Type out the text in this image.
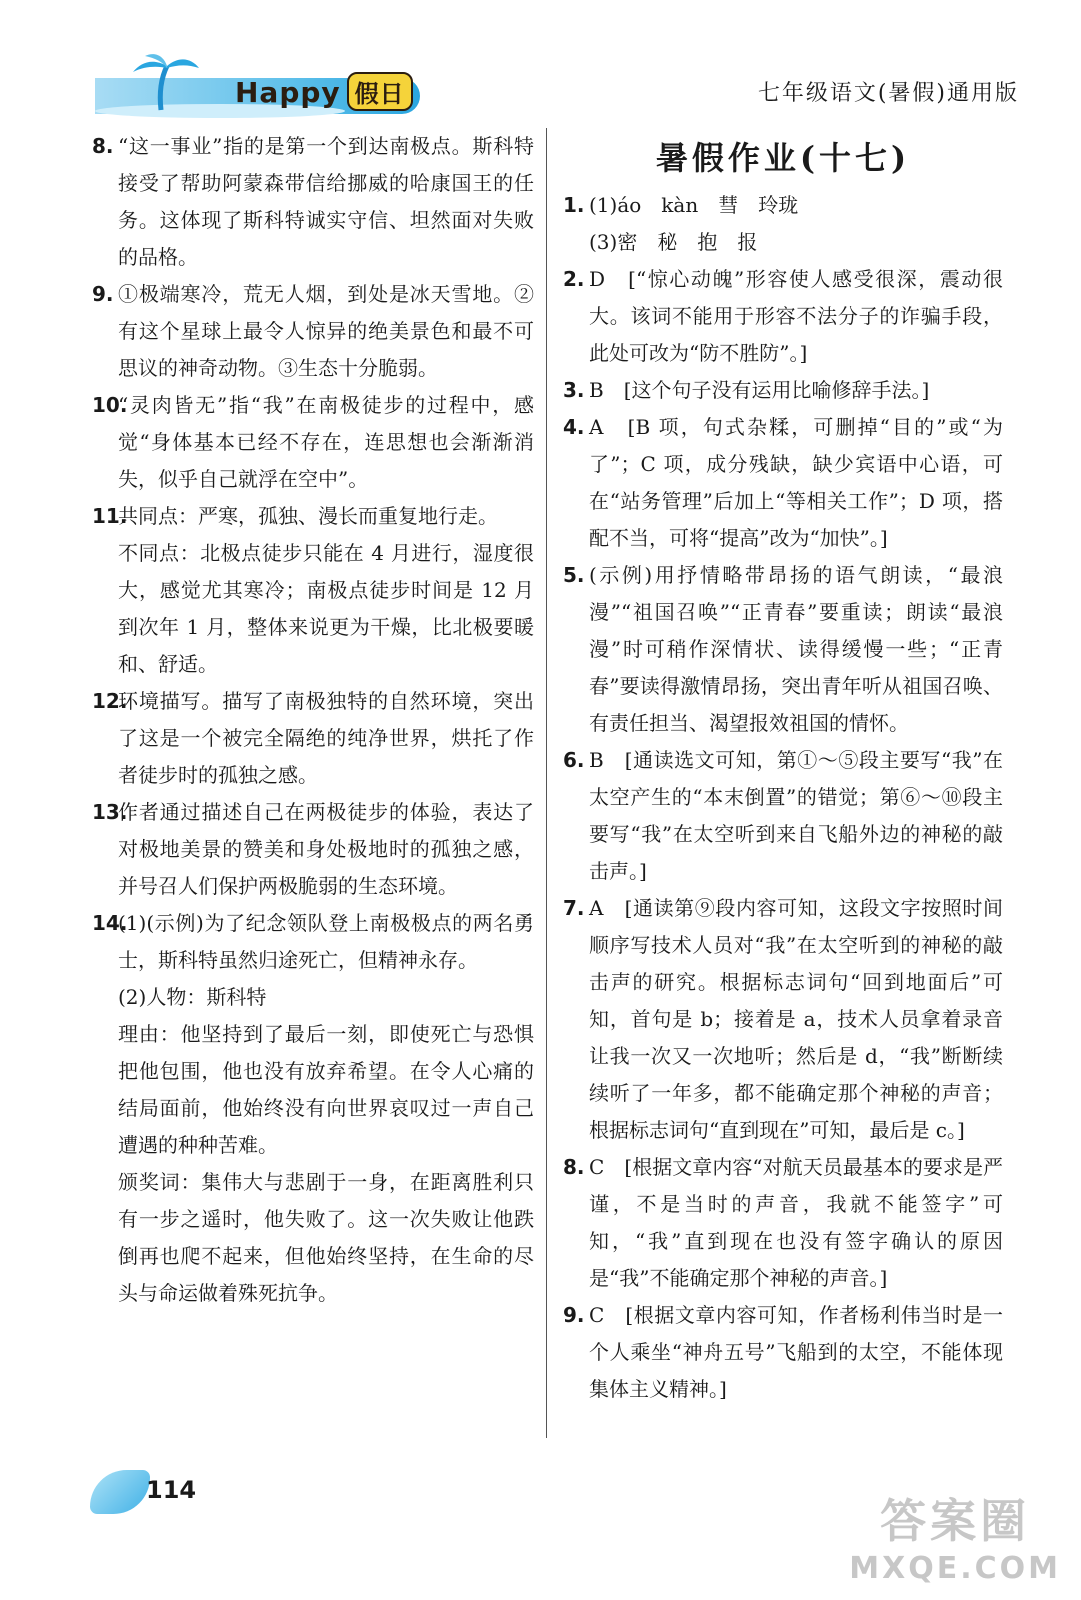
Happy 假日	七年级语文(暑假)通用版
8. “这一事业”指的是第一个到达南极点。斯科特接受了帮助阿蒙森带信给挪威的哈康国王的任务。这体现了斯科特诚实守信、坦然面对失败的品格。

9. ①极端寒冷，荒无人烟，到处是冰天雪地。②有这个星球上最令人惊异的绝美景色和最不可思议的神奇动物。③生态十分脆弱。

10.

“灵肉皆无”指“我”在南极徒步的过程中，感觉“身体基本已经不存在，连思想也会渐渐消失，似乎自己就浮在空中”。

11.

共同点：严寒，孤独、漫长而重复地行走。

不同点：北极点徒步只能在 4 月进行，湿度很大，感觉尤其寒冷；南极点徒步时间是 12 月到次年 1 月，整体来说更为干燥，比北极要暖和、舒适。

12.

环境描写。描写了南极独特的自然环境，突出了这是一个被完全隔绝的纯净世界，烘托了作者徒步时的孤独之感。

13.

作者通过描述自己在两极徒步的体验，表达了对极地美景的赞美和身处极地时的孤独之感，并号召人们保护两极脆弱的生态环境。

14.

(1)(示例)为了纪念领队登上南极极点的两名勇士，斯科特虽然归途死亡，但精神永存。

(2)人物：斯科特

理由：他坚持到了最后一刻，即使死亡与恐惧把他包围，他也没有放弃希望。在令人心痛的结局面前，他始终没有向世界哀叹过一声自己遭遇的种种苦难。

颁奖词：集伟大与悲剧于一身，在距离胜利只有一步之遥时，他失败了。这一次失败让他跌倒再也爬不起来，但他始终坚持，在生命的尽头与命运做着殊死抗争。

暑假作业(十七)
1. (1)áo　kàn　彗　玲珑

(3)密　秘　抱　报

2. D　[“惊心动魄”形容使人感受很深，震动很大。该词不能用于形容不法分子的诈骗手段，此处可改为“防不胜防”。]

3. B　[这个句子没有运用比喻修辞手法。]

4. A　[B 项，句式杂糅，可删掉“目的”或“为了”；C 项，成分残缺，缺少宾语中心语，可在“站务管理”后加上“等相关工作”；D 项，搭配不当，可将“提高”改为“加快”。]

5. (示例)用抒情略带昂扬的语气朗读，“最浪漫”“祖国召唤”“正青春”要重读；朗读“最浪漫”时可稍作深情状、读得缓慢一些；“正青春”要读得激情昂扬，突出青年听从祖国召唤、有责任担当、渴望报效祖国的情怀。

6. B　[通读选文可知，第①～⑤段主要写“我”在太空产生的“本末倒置”的错觉；第⑥～⑩段主要写“我”在太空听到来自飞船外边的神秘的敲击声。]

7. A　[通读第⑨段内容可知，这段文字按照时间顺序写技术人员对“我”在太空听到的神秘的敲击声的研究。根据标志词句“回到地面后”可知，首句是 b；接着是 a，技术人员拿着录音让我一次又一次地听；然后是 d，“我”断断续续听了一年多，都不能确定那个神秘的声音；根据标志词句“直到现在”可知，最后是 c。]

8. C　[根据文章内容“对航天员最基本的要求是严谨，不是当时的声音，我就不能签字”可知，“我”直到现在也没有签字确认的原因是“我”不能确定那个神秘的声音。]

9. C　[根据文章内容可知，作者杨利伟当时是一个人乘坐“神舟五号”飞船到的太空，不能体现集体主义精神。]

114
答案圈
MXQE.COM
